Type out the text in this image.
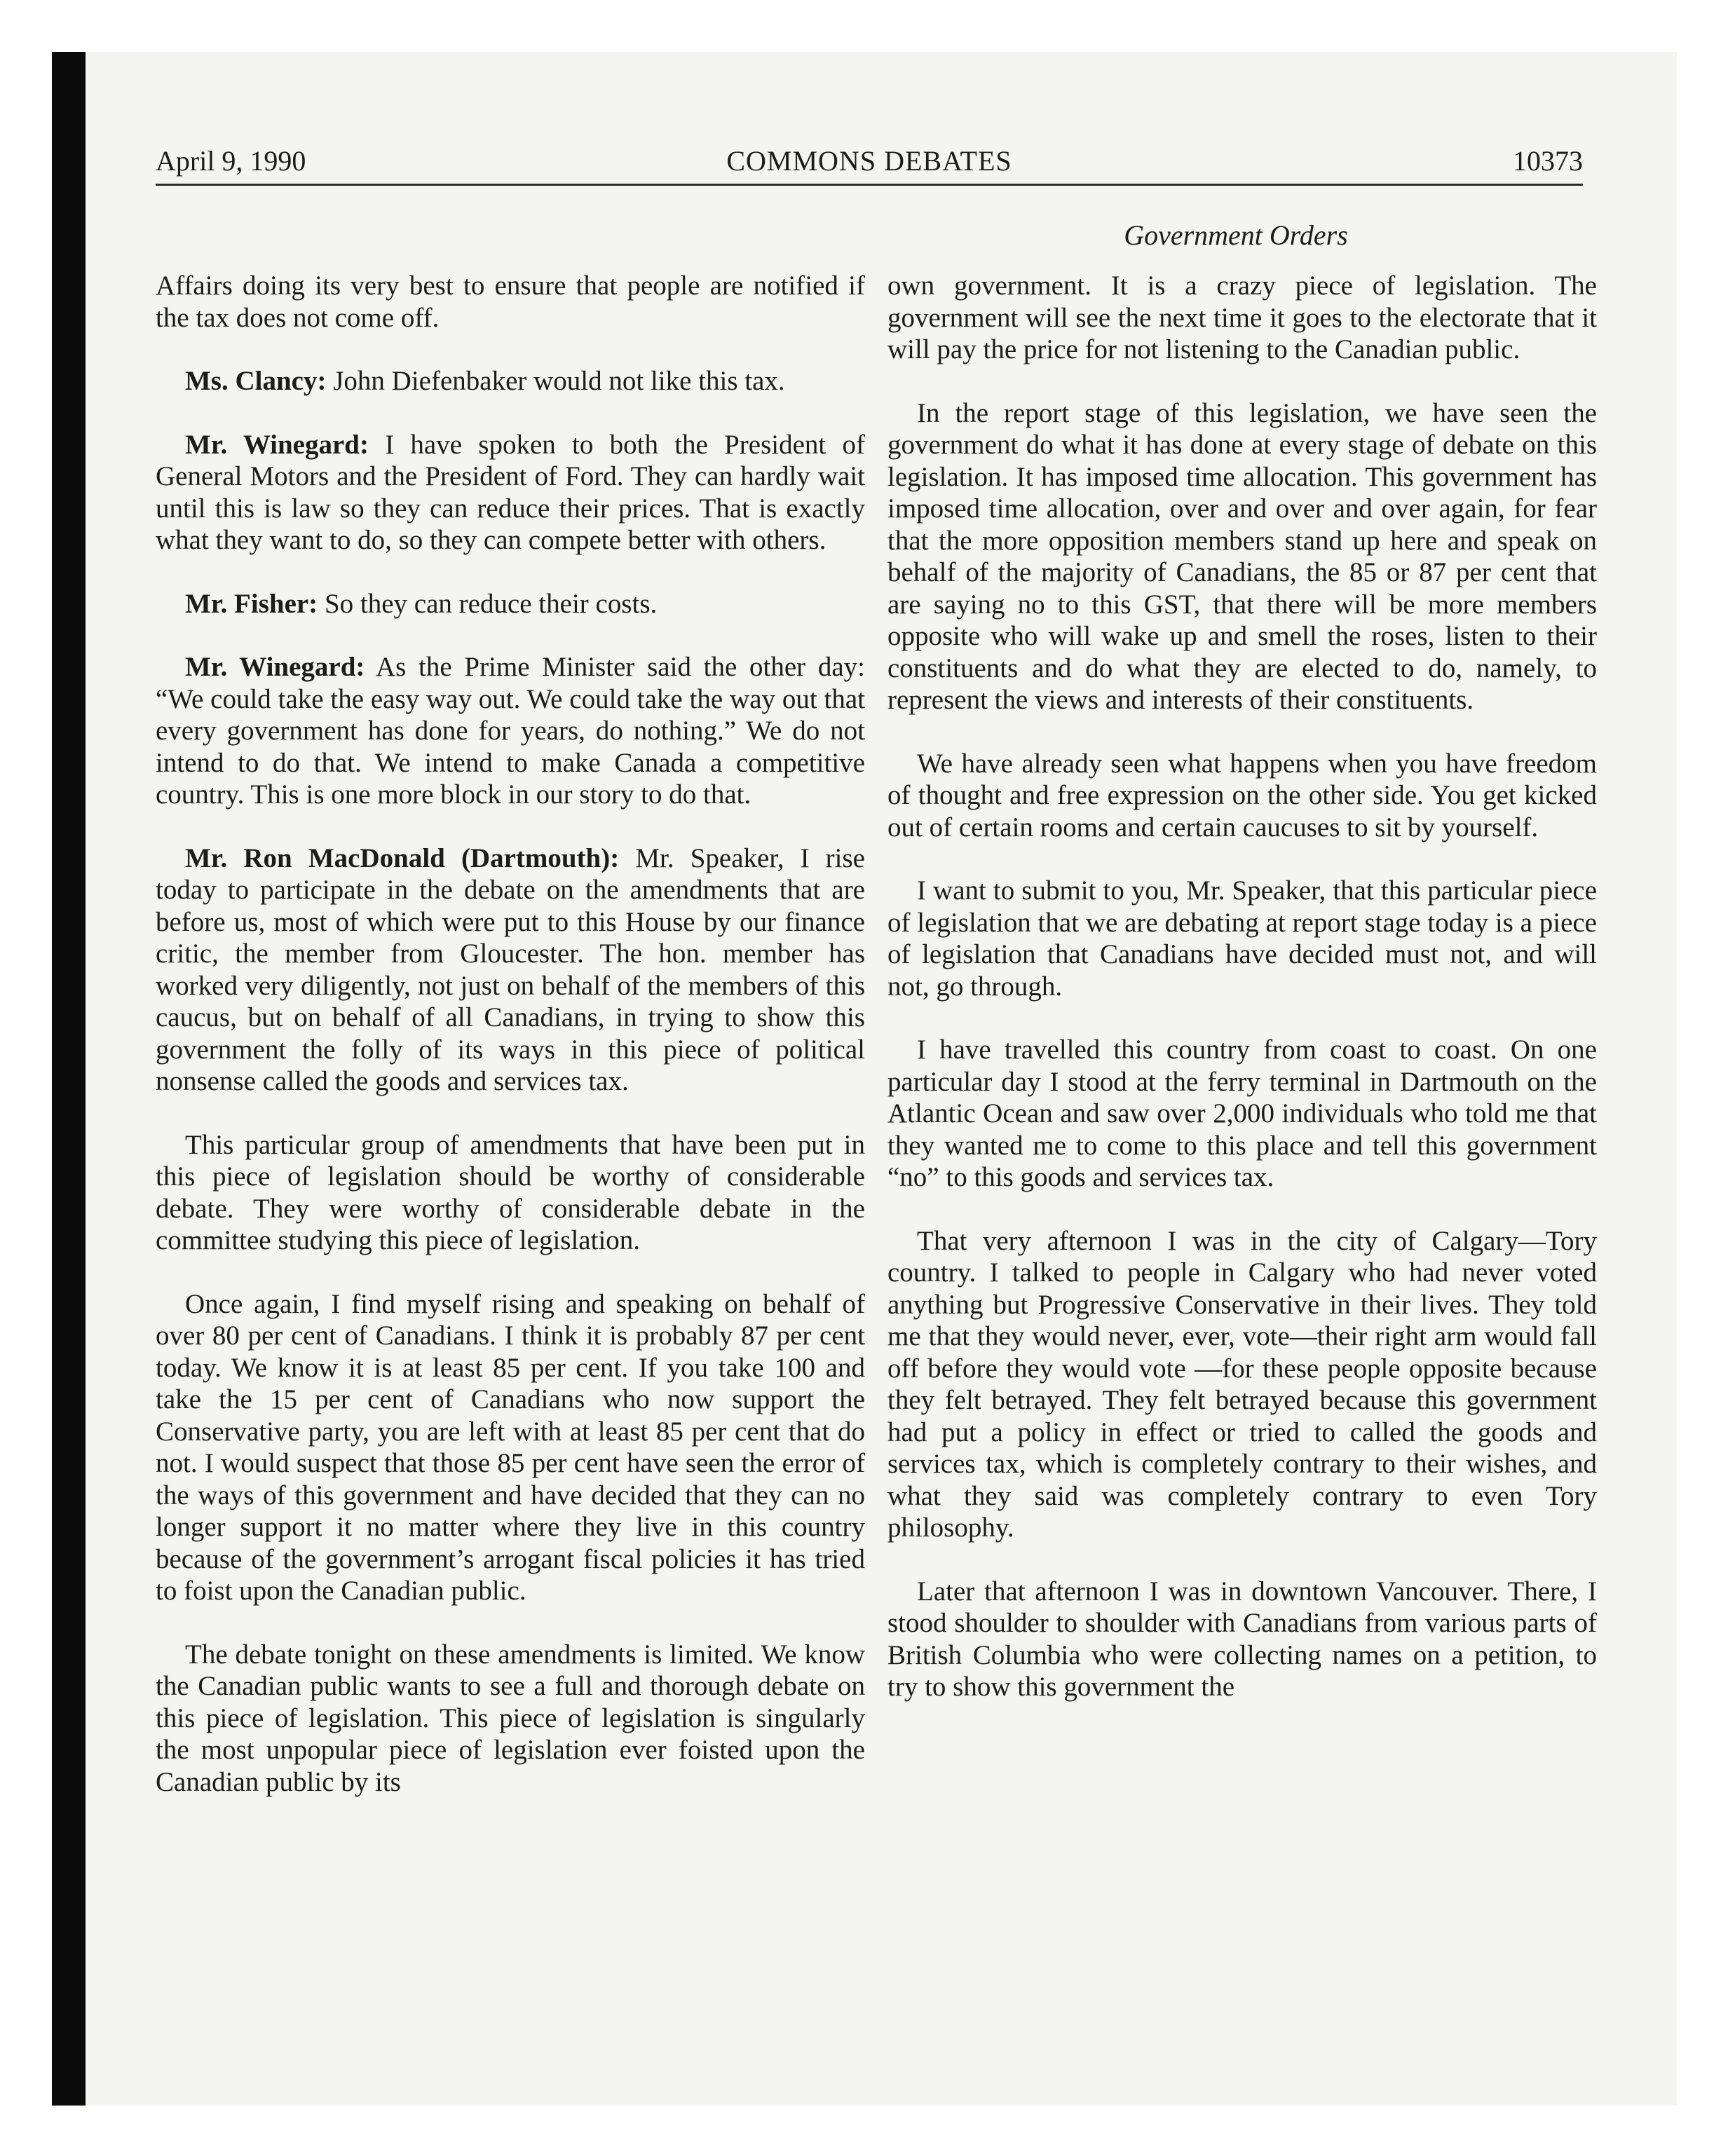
April 9, 1990	COMMONS DEBATES	10373
Government Orders

Affairs doing its very best to ensure that people are notified if the tax does not come off.

Ms. Clancy: John Diefenbaker would not like this tax.

Mr. Winegard: I have spoken to both the President of General Motors and the President of Ford. They can hardly wait until this is law so they can reduce their prices. That is exactly what they want to do, so they can compete better with others.

Mr. Fisher: So they can reduce their costs.

Mr. Winegard: As the Prime Minister said the other day: “We could take the easy way out. We could take the way out that every government has done for years, do nothing.” We do not intend to do that. We intend to make Canada a competitive country. This is one more block in our story to do that.

Mr. Ron MacDonald (Dartmouth): Mr. Speaker, I rise today to participate in the debate on the amendments that are before us, most of which were put to this House by our finance critic, the member from Gloucester. The hon. member has worked very diligently, not just on behalf of the members of this caucus, but on behalf of all Canadians, in trying to show this government the folly of its ways in this piece of political nonsense called the goods and services tax.

This particular group of amendments that have been put in this piece of legislation should be worthy of considerable debate. They were worthy of considerable debate in the committee studying this piece of legislation.

Once again, I find myself rising and speaking on behalf of over 80 per cent of Canadians. I think it is probably 87 per cent today. We know it is at least 85 per cent. If you take 100 and take the 15 per cent of Canadians who now support the Conservative party, you are left with at least 85 per cent that do not. I would suspect that those 85 per cent have seen the error of the ways of this government and have decided that they can no longer support it no matter where they live in this country because of the government’s arrogant fiscal policies it has tried to foist upon the Canadian public.

The debate tonight on these amendments is limited. We know the Canadian public wants to see a full and thorough debate on this piece of legislation. This piece of legislation is singularly the most unpopular piece of legislation ever foisted upon the Canadian public by its

own government. It is a crazy piece of legislation. The government will see the next time it goes to the electorate that it will pay the price for not listening to the Canadian public.

In the report stage of this legislation, we have seen the government do what it has done at every stage of debate on this legislation. It has imposed time allocation. This government has imposed time allocation, over and over and over again, for fear that the more opposition members stand up here and speak on behalf of the majority of Canadians, the 85 or 87 per cent that are saying no to this GST, that there will be more members opposite who will wake up and smell the roses, listen to their constituents and do what they are elected to do, namely, to represent the views and interests of their constituents.

We have already seen what happens when you have freedom of thought and free expression on the other side. You get kicked out of certain rooms and certain caucuses to sit by yourself.

I want to submit to you, Mr. Speaker, that this particular piece of legislation that we are debating at report stage today is a piece of legislation that Canadians have decided must not, and will not, go through.

I have travelled this country from coast to coast. On one particular day I stood at the ferry terminal in Dartmouth on the Atlantic Ocean and saw over 2,000 individuals who told me that they wanted me to come to this place and tell this government “no” to this goods and services tax.

That very afternoon I was in the city of Calgary—Tory country. I talked to people in Calgary who had never voted anything but Progressive Conservative in their lives. They told me that they would never, ever, vote—their right arm would fall off before they would vote —for these people opposite because they felt betrayed. They felt betrayed because this government had put a policy in effect or tried to called the goods and services tax, which is completely contrary to their wishes, and what they said was completely contrary to even Tory philosophy.

Later that afternoon I was in downtown Vancouver. There, I stood shoulder to shoulder with Canadians from various parts of British Columbia who were collecting names on a petition, to try to show this government the
